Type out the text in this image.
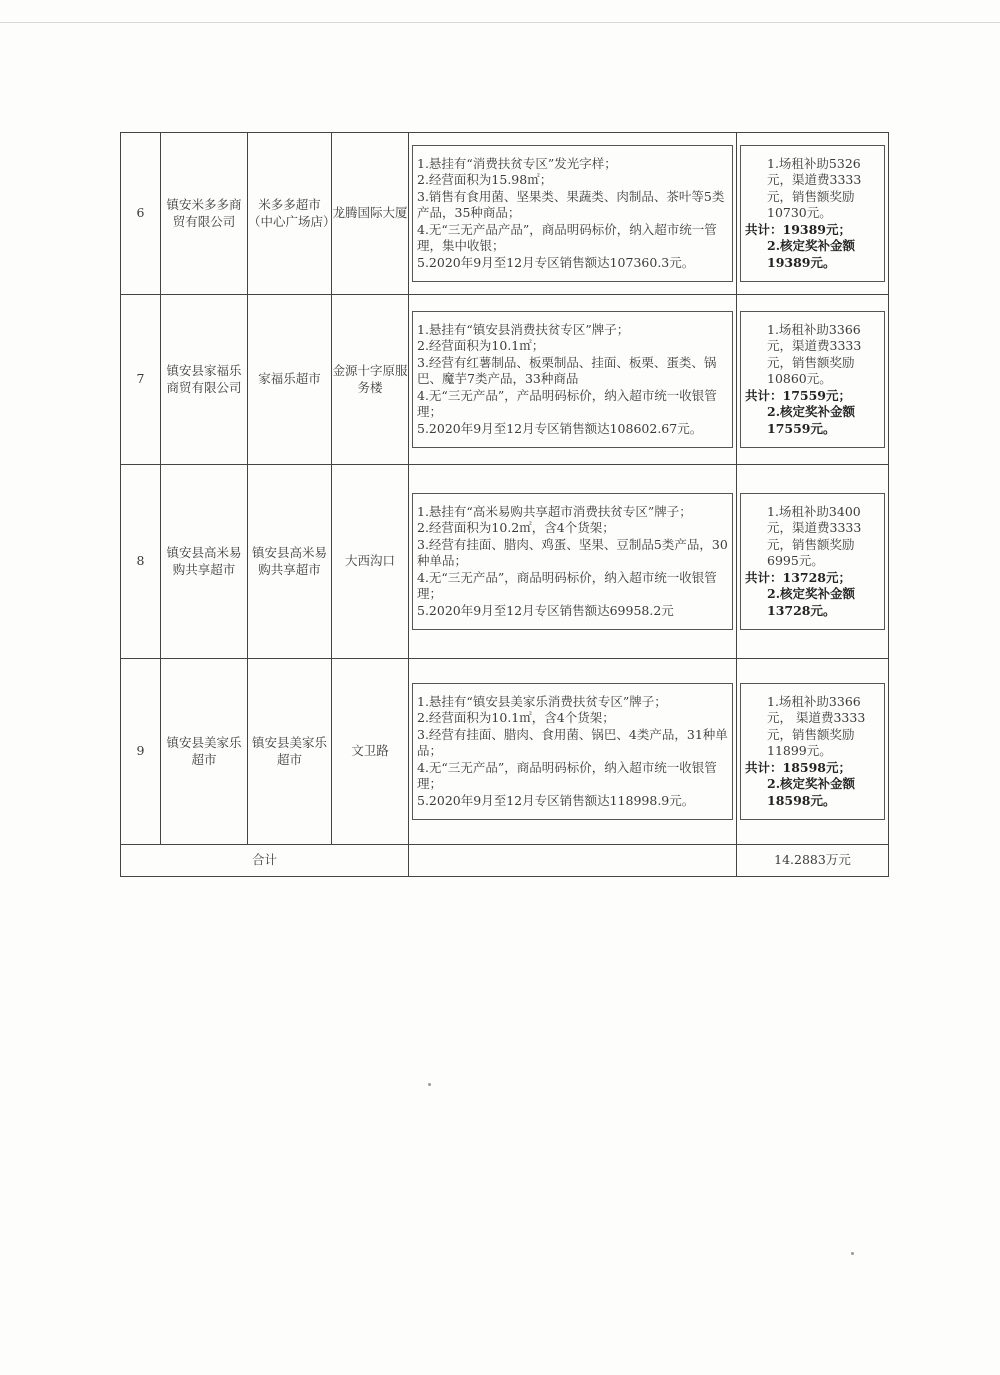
6	镇安米多多商贸有限公司	米多多超市（中心广场店）	龙腾国际大厦	1.悬挂有“消费扶贫专区”发光字样；
2.经营面积为15.98㎡；
3.销售有食用菌、坚果类、果蔬类、肉制品、茶叶等5类产品，35种商品；
4.无“三无产品产品”，商品明码标价，纳入超市统一管理，集中收银；
5.2020年9月至12月专区销售额达107360.3元。	1.场租补助5326元，渠道费3333元，销售额奖励10730元。
共计：19389元；
2.核定奖补金额19389元。

7	镇安县家福乐商贸有限公司	家福乐超市	金源十字原服务楼	1.悬挂有“镇安县消费扶贫专区”牌子；
2.经营面积为10.1㎡；
3.经营有红薯制品、板栗制品、挂面、板栗、蛋类、锅巴、魔芋7类产品，33种商品
4.无“三无产品”，产品明码标价，纳入超市统一收银管理；
5.2020年9月至12月专区销售额达108602.67元。	1.场租补助3366元，渠道费3333元，销售额奖励10860元。
共计：17559元；
2.核定奖补金额17559元。

8	镇安县高米易购共享超市	镇安县高米易购共享超市	大西沟口	1.悬挂有“高米易购共享超市消费扶贫专区”牌子；
2.经营面积为10.2㎡，含4个货架；
3.经营有挂面、腊肉、鸡蛋、坚果、豆制品5类产品，30种单品；
4.无“三无产品”，商品明码标价，纳入超市统一收银管理；
5.2020年9月至12月专区销售额达69958.2元	1.场租补助3400元，渠道费3333元，销售额奖励6995元。
共计：13728元；
2.核定奖补金额13728元。

9	镇安县美家乐超市	镇安县美家乐超市	文卫路	1.悬挂有“镇安县美家乐消费扶贫专区”牌子；
2.经营面积为10.1㎡，含4个货架；
3.经营有挂面、腊肉、食用菌、锅巴、4类产品，31种单品；
4.无“三无产品”，商品明码标价，纳入超市统一收银管理；
5.2020年9月至12月专区销售额达118998.9元。	1.场租补助3366元， 渠道费3333元，销售额奖励11899元。
共计：18598元；
2.核定奖补金额18598元。

合计					14.2883万元
